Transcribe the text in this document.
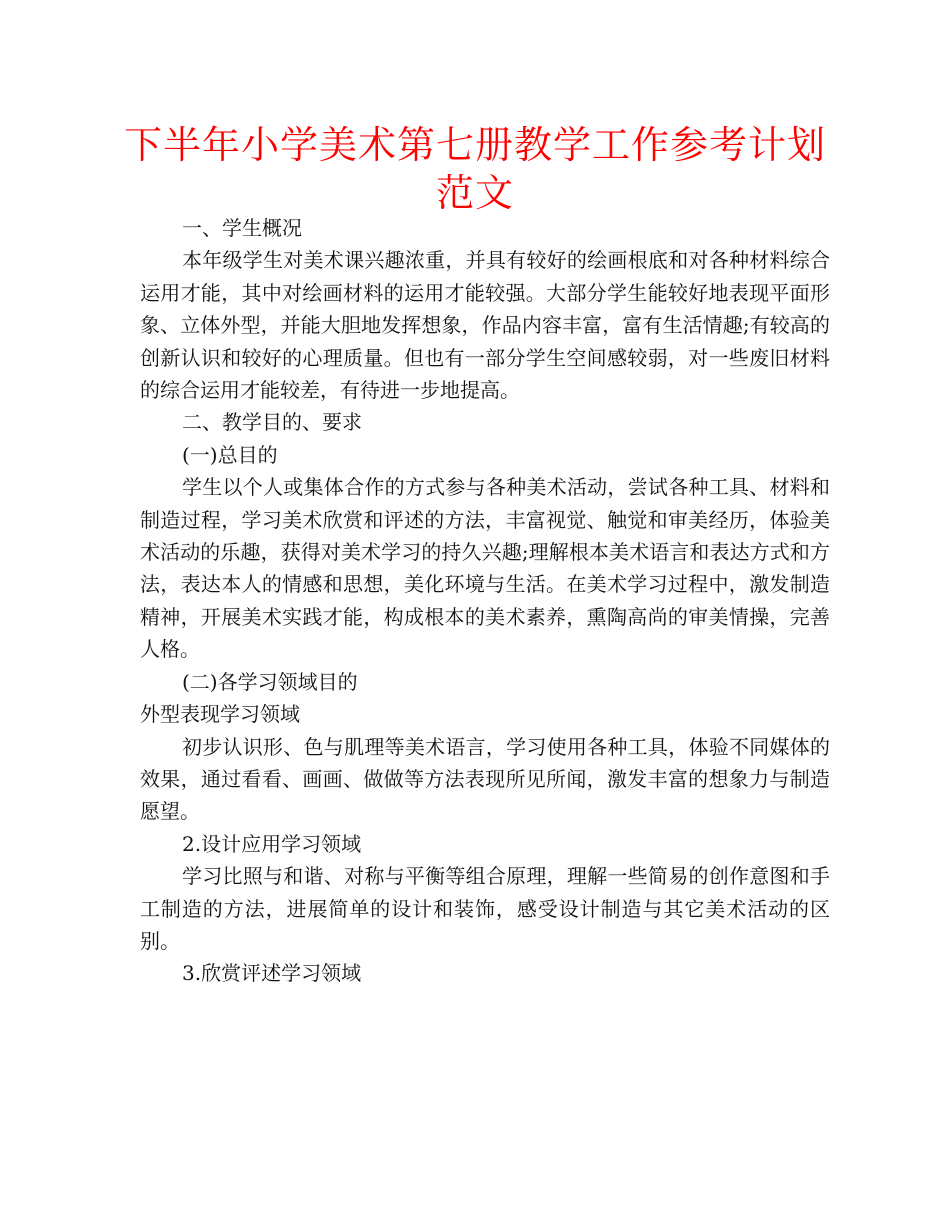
下半年小学美术第七册教学工作参考计划
范文

一、学生概况

本年级学生对美术课兴趣浓重，并具有较好的绘画根底和对各种材料综合运用才能，其中对绘画材料的运用才能较强。大部分学生能较好地表现平面形象、立体外型，并能大胆地发挥想象，作品内容丰富，富有生活情趣;有较高的创新认识和较好的心理质量。但也有一部分学生空间感较弱，对一些废旧材料的综合运用才能较差，有待进一步地提高。

二、教学目的、要求

(一)总目的

学生以个人或集体合作的方式参与各种美术活动，尝试各种工具、材料和制造过程，学习美术欣赏和评述的方法，丰富视觉、触觉和审美经历，体验美术活动的乐趣，获得对美术学习的持久兴趣;理解根本美术语言和表达方式和方法，表达本人的情感和思想，美化环境与生活。在美术学习过程中，激发制造精神，开展美术实践才能，构成根本的美术素养，熏陶高尚的审美情操，完善人格。

(二)各学习领域目的

外型表现学习领域

初步认识形、色与肌理等美术语言，学习使用各种工具，体验不同媒体的效果，通过看看、画画、做做等方法表现所见所闻，激发丰富的想象力与制造愿望。

2.设计应用学习领域

学习比照与和谐、对称与平衡等组合原理，理解一些简易的创作意图和手工制造的方法，进展简单的设计和装饰，感受设计制造与其它美术活动的区别。

3.欣赏评述学习领域
